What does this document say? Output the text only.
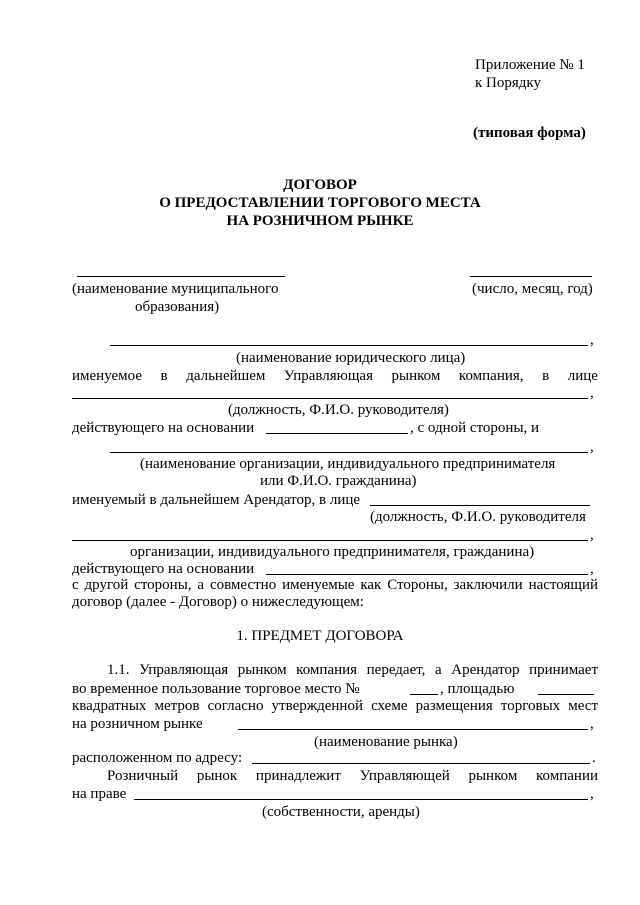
Приложение № 1
к Порядку
(типовая форма)
ДОГОВОР
О ПРЕДОСТАВЛЕНИИ ТОРГОВОГО МЕСТА
НА РОЗНИЧНОМ РЫНКЕ
(наименование муниципального	(число, месяц, год)
образования)
,
(наименование юридического лица)
именуемое в дальнейшем Управляющая рынком компания, в лице
,
(должность, Ф.И.О. руководителя)
действующего на основании	, с одной стороны, и
,
(наименование организации, индивидуального предпринимателя
или Ф.И.О. гражданина)
именуемый в дальнейшем Арендатор, в лице
(должность, Ф.И.О. руководителя
,
организации, индивидуального предпринимателя, гражданина)
действующего на основании	,
с другой стороны, а совместно именуемые как Стороны, заключили настоящий
договор (далее - Договор) о нижеследующем:
1. ПРЕДМЕТ ДОГОВОРА
1.1. Управляющая рынком компания передает, а Арендатор принимает
во временное пользование торговое место №	, площадью
квадратных метров согласно утвержденной схеме размещения торговых мест
на розничном рынке	,
(наименование рынка)
расположенном по адресу:	.
Розничный рынок принадлежит Управляющей рынком компании
на праве	,
(собственности, аренды)
